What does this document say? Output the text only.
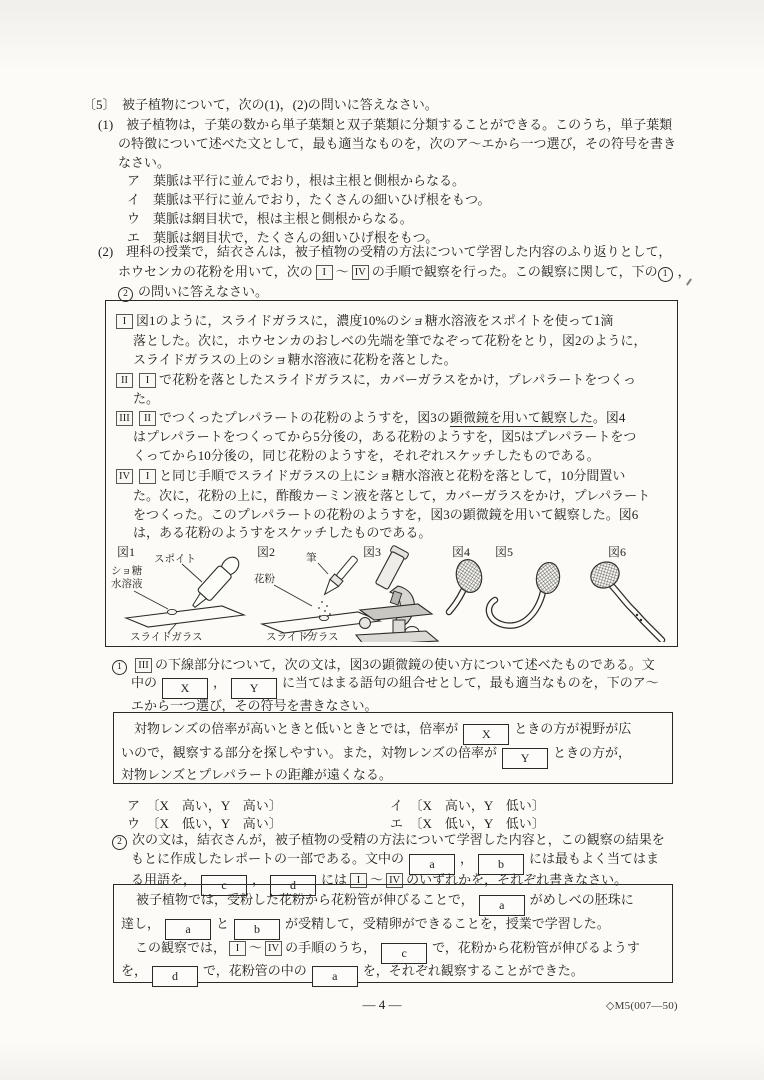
〔5〕　被子植物について，次の(1)，(2)の問いに答えなさい。
(1)　被子植物は，子葉の数から単子葉類と双子葉類に分類することができる。このうち，単子葉類
の特徴について述べた文として，最も適当なものを，次のア～エから一つ選び，その符号を書き
なさい。
ア　葉脈は平行に並んでおり，根は主根と側根からなる。
イ　葉脈は平行に並んでおり，たくさんの細いひげ根をもつ。
ウ　葉脈は網目状で，根は主根と側根からなる。
エ　葉脈は網目状で，たくさんの細いひげ根をもつ。
(2)　理科の授業で，結衣さんは，被子植物の受精の方法について学習した内容のふり返りとして，
ホウセンカの花粉を用いて，次の I ～ IV の手順で観察を行った。この観察に関して，下の 1 ，
2 の問いに答えなさい。
I 図1のように，スライドガラスに，濃度10%のショ糖水溶液をスポイトを使って1滴
落とした。次に，ホウセンカのおしべの先端を筆でなぞって花粉をとり，図2のように，
スライドガラスの上のショ糖水溶液に花粉を落とした。
II I で花粉を落としたスライドガラスに，カバーガラスをかけ，プレパラートをつくっ
た。
III II でつくったプレパラートの花粉のようすを，図3の顕微鏡を用いて観察した。図4
はプレパラートをつくってから5分後の，ある花粉のようすを，図5はプレパラートをつ
くってから10分後の，同じ花粉のようすを，それぞれスケッチしたものである。
IV I と同じ手順でスライドガラスの上にショ糖水溶液と花粉を落として，10分間置い
た。次に，花粉の上に，酢酸カーミン液を落として，カバーガラスをかけ，プレパラート
をつくった。このプレパラートの花粉のようすを，図3の顕微鏡を用いて観察した。図6
は，ある花粉のようすをスケッチしたものである。
図1
スポイト
ショ糖
水溶液
スライドガラス
図2	筆
花粉
スライドガラス
図3	図4 図5	図6
1 III の下線部分について，次の文は，図3の顕微鏡の使い方について述べたものである。文
中の X ， Y に当てはまる語句の組合せとして，最も適当なものを，下のア～
エから一つ選び，その符号を書きなさい。
対物レンズの倍率が高いときと低いときとでは，倍率が X ときの方が視野が広
いので，観察する部分を探しやすい。また，対物レンズの倍率が Y ときの方が，
対物レンズとプレパラートの距離が遠くなる。
ア　〔X　高い，Y　高い〕	イ　〔X　高い，Y　低い〕
ウ　〔X　低い，Y　高い〕	エ　〔X　低い，Y　低い〕
2 次の文は，結衣さんが，被子植物の受精の方法について学習した内容と，この観察の結果を
もとに作成したレポートの一部である。文中の a ， b には最もよく当てはま
る用語を， c ， d には I ～ IV のいずれかを，それぞれ書きなさい。
被子植物では，受粉した花粉から花粉管が伸びることで， a がめしべの胚珠に
達し， a と b が受精して，受精卵ができることを，授業で学習した。
この観察では， I ～ IV の手順のうち， c で，花粉から花粉管が伸びるようす
を， d で，花粉管の中の a を，それぞれ観察することができた。
— 4 —	◇M5(007—50)
